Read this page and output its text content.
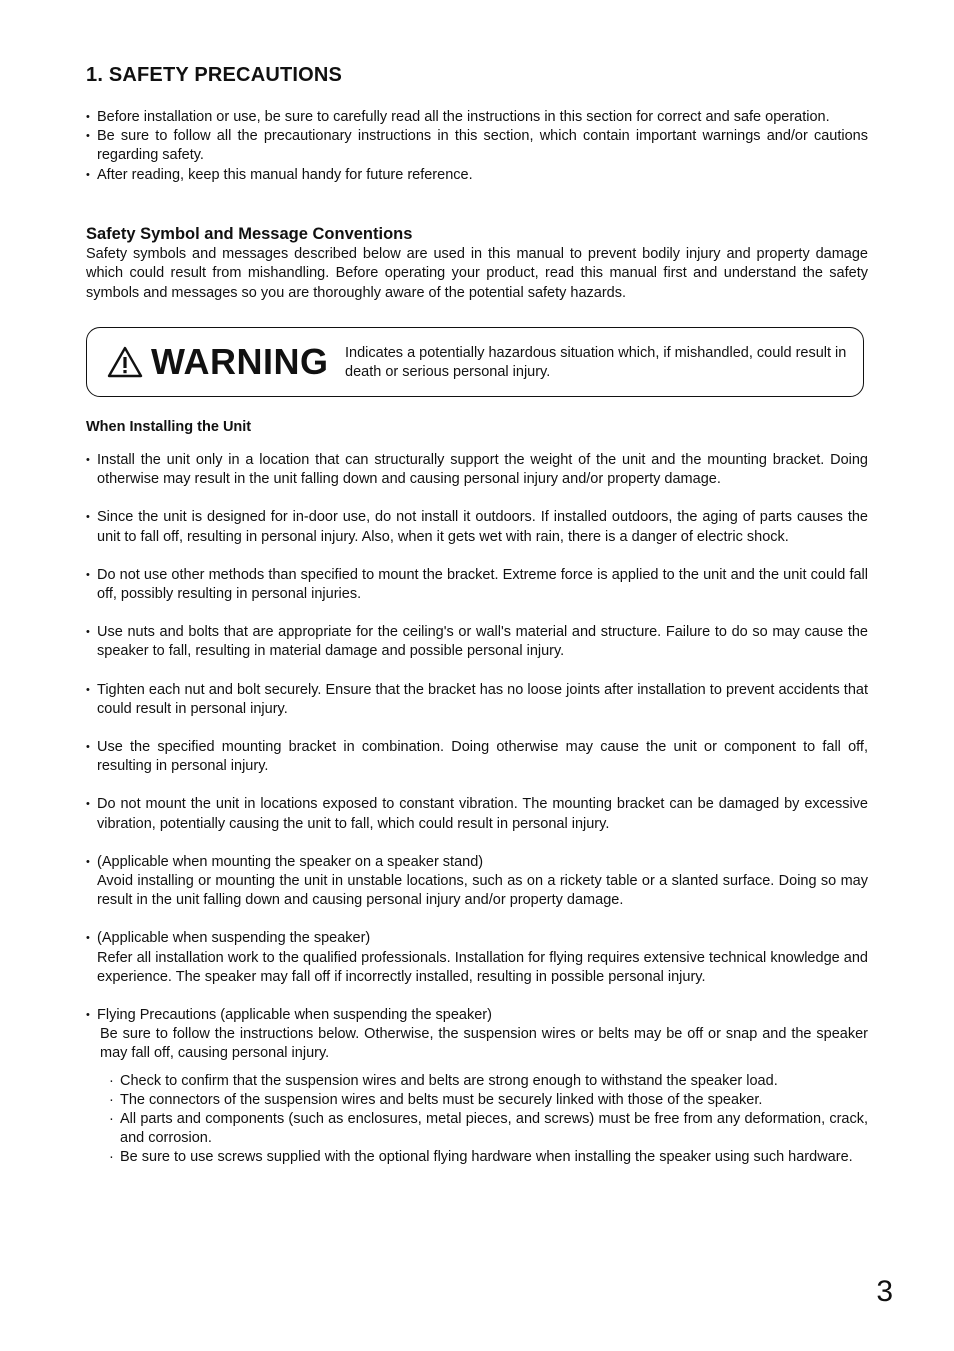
1. SAFETY PRECAUTIONS
• Before installation or use, be sure to carefully read all the instructions in this section for correct and safe operation.
• Be sure to follow all the precautionary instructions in this section, which contain important warnings and/or cautions regarding safety.
• After reading, keep this manual handy for future reference.
Safety Symbol and Message Conventions

Safety symbols and messages described below are used in this manual to prevent bodily injury and property damage which could result from mishandling. Before operating your product, read this manual first and understand the safety symbols and messages so you are thoroughly aware of the potential safety hazards.

WARNING Indicates a potentially hazardous situation which, if mishandled, could result in death or serious personal injury.
When Installing the Unit
• Install the unit only in a location that can structurally support the weight of the unit and the mounting bracket. Doing otherwise may result in the unit falling down and causing personal injury and/or property damage.
• Since the unit is designed for in-door use, do not install it outdoors. If installed outdoors, the aging of parts causes the unit to fall off, resulting in personal injury. Also, when it gets wet with rain, there is a danger of electric shock.
• Do not use other methods than specified to mount the bracket. Extreme force is applied to the unit and the unit could fall off, possibly resulting in personal injuries.
• Use nuts and bolts that are appropriate for the ceiling's or wall's material and structure. Failure to do so may cause the speaker to fall, resulting in material damage and possible personal injury.
• Tighten each nut and bolt securely. Ensure that the bracket has no loose joints after installation to prevent accidents that could result in personal injury.
• Use the specified mounting bracket in combination. Doing otherwise may cause the unit or component to fall off, resulting in personal injury.
• Do not mount the unit in locations exposed to constant vibration. The mounting bracket can be damaged by excessive vibration, potentially causing the unit to fall, which could result in personal injury.
• (Applicable when mounting the speaker on a speaker stand)
Avoid installing or mounting the unit in unstable locations, such as on a rickety table or a slanted surface. Doing so may result in the unit falling down and causing personal injury and/or property damage.
• (Applicable when suspending the speaker)
Refer all installation work to the qualified professionals. Installation for flying requires extensive technical knowledge and experience. The speaker may fall off if incorrectly installed, resulting in possible personal injury.
• Flying Precautions (applicable when suspending the speaker)
Be sure to follow the instructions below. Otherwise, the suspension wires or belts may be off or snap and the speaker may fall off, causing personal injury.
· Check to confirm that the suspension wires and belts are strong enough to withstand the speaker load.
· The connectors of the suspension wires and belts must be securely linked with those of the speaker.
· All parts and components (such as enclosures, metal pieces, and screws) must be free from any deformation, crack, and corrosion.
· Be sure to use screws supplied with the optional flying hardware when installing the speaker using such hardware.
3
